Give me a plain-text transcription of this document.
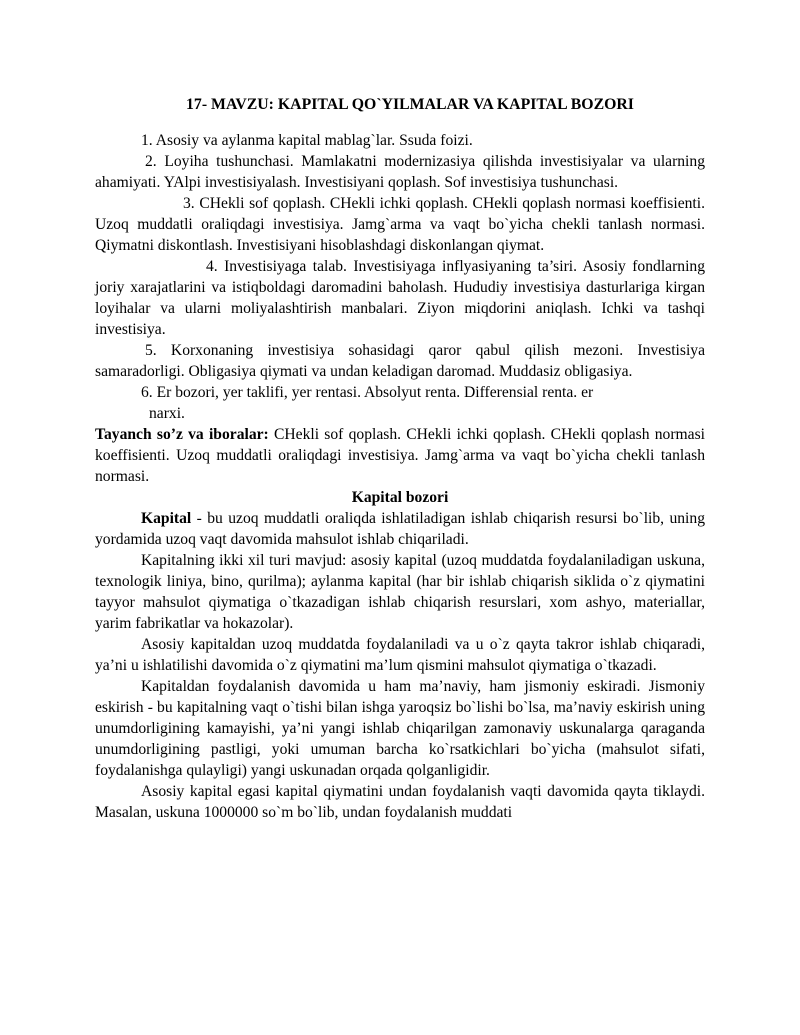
17- MAVZU: KAPITAL QO`YILMALAR VA KAPITAL BOZORI

1. Asosiy va aylanma kapital mablag`lar. Ssuda foizi.

2. Loyiha tushunchasi. Mamlakatni modernizasiya qilishda investisiyalar va ularning ahamiyati. YAlpi investisiyalash. Investisiyani qoplash. Sof investisiya tushunchasi.

3. CHekli sof qoplash. CHekli ichki qoplash. CHekli qoplash normasi koeffisienti. Uzoq muddatli oraliqdagi investisiya. Jamg`arma va vaqt bo`yicha chekli tanlash normasi. Qiymatni diskontlash. Investisiyani hisoblashdagi diskonlangan qiymat.

4. Investisiyaga talab. Investisiyaga inflyasiyaning ta’siri. Asosiy fondlarning joriy xarajatlarini va istiqboldagi daromadini baholash. Hududiy investisiya dasturlariga kirgan loyihalar va ularni moliyalashtirish manbalari. Ziyon miqdorini aniqlash. Ichki va tashqi investisiya.

5. Korxonaning investisiya sohasidagi qaror qabul qilish mezoni. Investisiya samaradorligi. Obligasiya qiymati va undan keladigan daromad. Muddasiz obligasiya.

6. Er bozori, yer taklifi, yer rentasi. Absolyut renta. Differensial renta. er
narxi.

Tayanch so’z va iboralar: CHekli sof qoplash. CHekli ichki qoplash. CHekli qoplash normasi koeffisienti. Uzoq muddatli oraliqdagi investisiya. Jamg`arma va vaqt bo`yicha chekli tanlash normasi.

Kapital bozori

Kapital - bu uzoq muddatli oraliqda ishlatiladigan ishlab chiqarish resursi bo`lib, uning yordamida uzoq vaqt davomida mahsulot ishlab chiqariladi.

Kapitalning ikki xil turi mavjud: asosiy kapital (uzoq muddatda foydalaniladigan uskuna, texnologik liniya, bino, qurilma); aylanma kapital (har bir ishlab chiqarish siklida o`z qiymatini tayyor mahsulot qiymatiga o`tkazadigan ishlab chiqarish resurslari, xom ashyo, materiallar, yarim fabrikatlar va hokazolar).

Asosiy kapitaldan uzoq muddatda foydalaniladi va u o`z qayta takror ishlab chiqaradi, ya’ni u ishlatilishi davomida o`z qiymatini ma’lum qismini mahsulot qiymatiga o`tkazadi.

Kapitaldan foydalanish davomida u ham ma’naviy, ham jismoniy eskiradi. Jismoniy eskirish - bu kapitalning vaqt o`tishi bilan ishga yaroqsiz bo`lishi bo`lsa, ma’naviy eskirish uning unumdorligining kamayishi, ya’ni yangi ishlab chiqarilgan zamonaviy uskunalarga qaraganda unumdorligining pastligi, yoki umuman barcha ko`rsatkichlari bo`yicha (mahsulot sifati, foydalanishga qulayligi) yangi uskunadan orqada qolganligidir.

Asosiy kapital egasi kapital qiymatini undan foydalanish vaqti davomida qayta tiklaydi. Masalan, uskuna 1000000 so`m bo`lib, undan foydalanish muddati
